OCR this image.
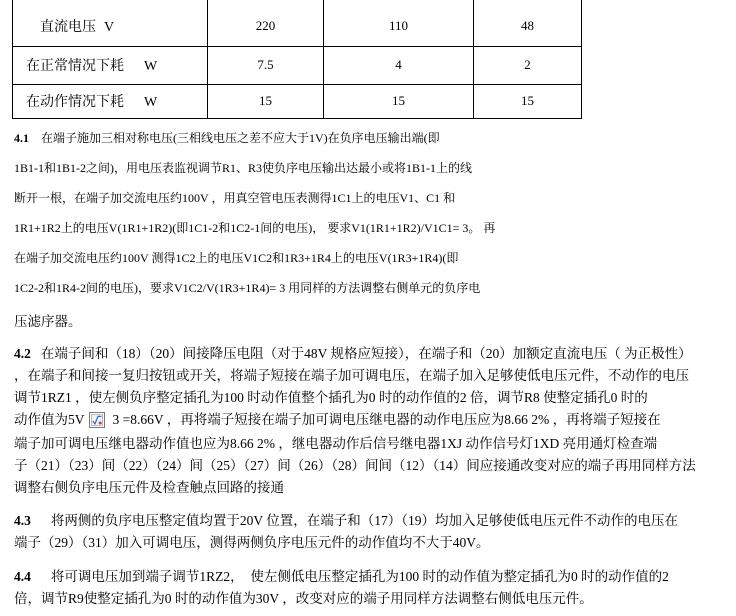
直流电压 V	220	110	48
在正常情况下耗 W	7.5	4	2
在动作情况下耗 W	15	15	15
4.1 在端子施加三相对称电压(三相线电压之差不应大于1V)在负序电压输出端(即
1B1-1和1B1-2之间)，用电压表监视调节R1、R3使负序电压输出达最小或将1B1-1上的线
断开一根，在端子加交流电压约100V ，用真空管电压表测得1C1上的电压V1、C1 和
1R1+1R2上的电压V(1R1+1R2)(即1C1-2和1C2-1间的电压)， 要求V1(1R1+1R2)/V1C1= 3。 再
在端子加交流电压约100V 测得1C2上的电压V1C2和1R3+1R4上的电压V(1R3+1R4)(即
1C2-2和1R4-2间的电压)，要求V1C2/V(1R3+1R4)= 3 用同样的方法调整右侧单元的负序电
压滤序器。
4.2 在端子间和（18）（20）间接降压电阻（对于48V 规格应短接），在端子和（20）加额定直流电压（ 为正极性）
，在端子和间接一复归按钮或开关，将端子短接在端子加可调电压，在端子加入足够使低电压元件，不动作的电压
调节1RZ1 ，使左侧负序整定插孔为100 时动作值整个插孔为0 时的动作值的2 倍，调节R8 使整定插孔0 时的
动作值为5V 3 =8.66V ，再将端子短接在端子加可调电压继电器的动作电压应为8.66 2% ，再将端子短接在
端子加可调电压继电器动作值也应为8.66 2% ，继电器动作后信号继电器1XJ 动作信号灯1XD 亮用通灯检查端
子（21）（23）间（22）（24）间（25）（27）间（26）（28）间间（12）（14）间应接通改变对应的端子再用同样方法
调整右侧负序电压元件及检查触点回路的接通
4.3 将两侧的负序电压整定值均置于20V 位置，在端子和（17）（19）均加入足够使低电压元件不动作的电压在
端子（29）（31）加入可调电压，测得两侧负序电压元件的动作值均不大于40V。
4.4 将可调电压加到端子调节1RZ2，  使左侧低电压整定插孔为100 时的动作值为整定插孔为0 时的动作值的2
倍，调节R9使整定插孔为0 时的动作值为30V ，改变对应的端子用同样方法调整右侧低电压元件。
